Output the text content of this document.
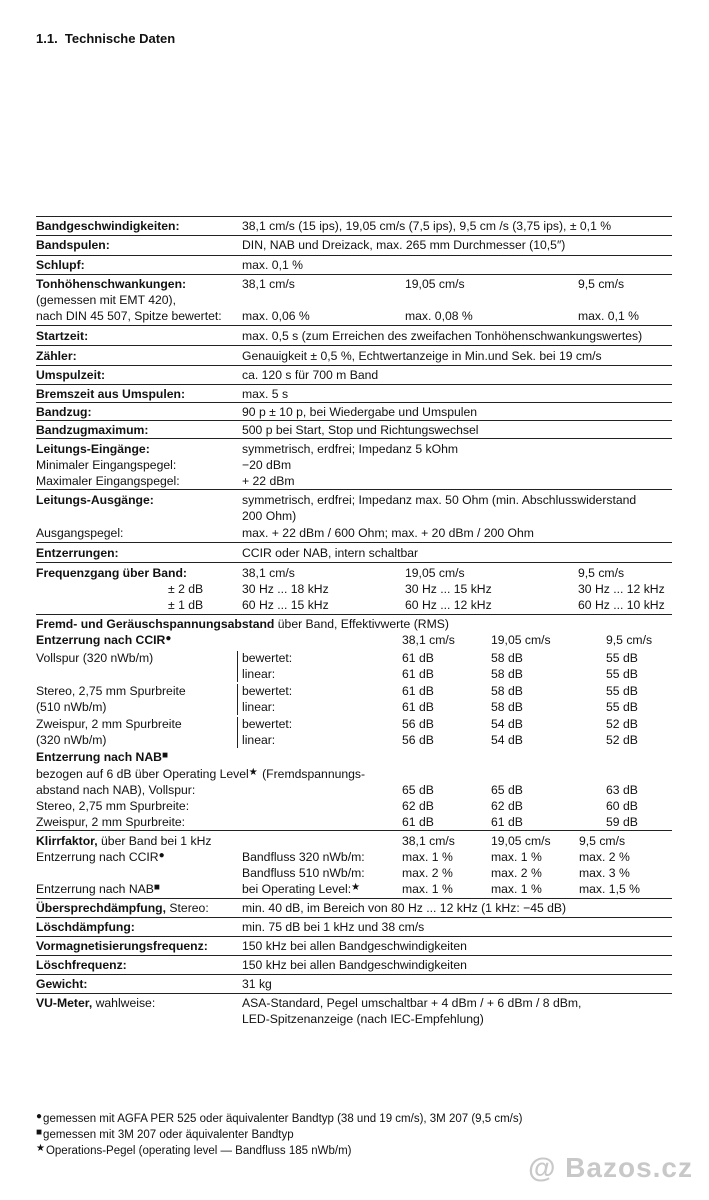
1.1. Technische Daten
Bandgeschwindigkeiten:	38,1 cm/s (15 ips), 19,05 cm/s (7,5 ips), 9,5 cm /s (3,75 ips), ± 0,1 %
Bandspulen:	DIN, NAB und Dreizack, max. 265 mm Durchmesser (10,5″)
Schlupf:	max. 0,1 %
Tonhöhenschwankungen:
(gemessen mit EMT 420),
nach DIN 45 507, Spitze bewertet:
38,1 cm/s	19,05 cm/s	9,5 cm/s
max. 0,06 %	max. 0,08 %	max. 0,1 %
Startzeit:	max. 0,5 s (zum Erreichen des zweifachen Tonhöhenschwankungswertes)
Zähler:	Genauigkeit ± 0,5 %, Echtwertanzeige in Min.und Sek. bei 19 cm/s
Umspulzeit:	ca. 120 s für 700 m Band
Bremszeit aus Umspulen:	max. 5 s
Bandzug:	90 p ± 10 p, bei Wiedergabe und Umspulen
Bandzugmaximum:	500 p bei Start, Stop und Richtungswechsel
Leitungs-Eingänge:	symmetrisch, erdfrei; Impedanz 5 kOhm
Minimaler Eingangspegel:	−20 dBm
Maximaler Eingangspegel:	+ 22 dBm
Leitungs-Ausgänge:	symmetrisch, erdfrei; Impedanz max. 50 Ohm (min. Abschlusswiderstand
200 Ohm)
Ausgangspegel:	max. + 22 dBm / 600 Ohm; max. + 20 dBm / 200 Ohm
Entzerrungen:	CCIR oder NAB, intern schaltbar
Frequenzgang über Band:	38,1 cm/s	19,05 cm/s	9,5 cm/s
± 2 dB	30 Hz ... 18 kHz	30 Hz ... 15 kHz	30 Hz ... 12 kHz
± 1 dB	60 Hz ... 15 kHz	60 Hz ... 12 kHz	60 Hz ... 10 kHz
Fremd- und Geräuschspannungsabstand über Band, Effektivwerte (RMS)
Entzerrung nach CCIR●	38,1 cm/s	19,05 cm/s	9,5 cm/s
Vollspur (320 nWb/m)	bewertet:	61 dB	58 dB	55 dB
linear:	61 dB	58 dB	55 dB
Stereo, 2,75 mm Spurbreite
(510 nWb/m)
bewertet:	61 dB	58 dB	55 dB
linear:	61 dB	58 dB	55 dB
Zweispur, 2 mm Spurbreite
(320 nWb/m)
bewertet:	56 dB	54 dB	52 dB
linear:	56 dB	54 dB	52 dB
Entzerrung nach NAB■
bezogen auf 6 dB über Operating Level★ (Fremdspannungs-
abstand nach NAB), Vollspur:	65 dB	65 dB	63 dB
Stereo, 2,75 mm Spurbreite:	62 dB	62 dB	60 dB
Zweispur, 2 mm Spurbreite:	61 dB	61 dB	59 dB
Klirrfaktor, über Band bei 1 kHz	38,1 cm/s	19,05 cm/s 9,5 cm/s
Entzerrung nach CCIR●	Bandfluss 320 nWb/m:	max. 1 %	max. 1 %	max. 2 %
Bandfluss 510 nWb/m:	max. 2 %	max. 2 %	max. 3 %
Entzerrung nach NAB■	bei Operating Level:★	max. 1 %	max. 1 %	max. 1,5 %
Übersprechdämpfung, Stereo:	min. 40 dB, im Bereich von 80 Hz ... 12 kHz (1 kHz: −45 dB)
Löschdämpfung:	min. 75 dB bei 1 kHz und 38 cm/s
Vormagnetisierungsfrequenz:	150 kHz bei allen Bandgeschwindigkeiten
Löschfrequenz:	150 kHz bei allen Bandgeschwindigkeiten
Gewicht:	31 kg
VU-Meter, wahlweise:	ASA-Standard, Pegel umschaltbar + 4 dBm / + 6 dBm / 8 dBm,
LED-Spitzenanzeige (nach IEC-Empfehlung)
●gemessen mit AGFA PER 525 oder äquivalenter Bandtyp (38 und 19 cm/s), 3M 207 (9,5 cm/s)
■gemessen mit 3M 207 oder äquivalenter Bandtyp
★Operations-Pegel (operating level — Bandfluss 185 nWb/m)
@ Bazos.cz
